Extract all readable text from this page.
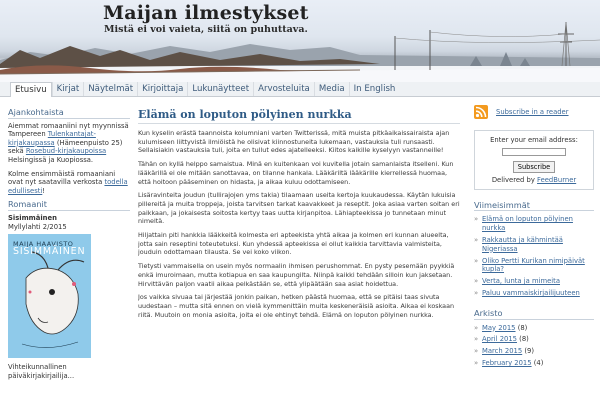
Maijan ilmestykset
Mistä ei voi vaieta, siitä on puhuttava.
Etusivu	Kirjat	Näytelmät	Kirjoittaja	Lukunäytteet	Arvosteluita	Media	In English
Ajankohtaista

Aiemmat romaaniini nyt myynnissä Tampereen Tulenkantajat-kirjakaupassa (Hämeenpuisto 25) sekä Rosebud-kirjakaupoissa Helsingissä ja Kuopiossa.

Kolme ensimmäistä romaaniani ovat nyt saatavilla verkosta todella edullisesti!

Romaanit
Sisimmäinen
Myllylahti 2/2015
MAIJA HAAVISTO
SISIMMÄINEN
Vihteikunnallinen päiväkirjakirjailija...
Elämä on loputon pölyinen nurkka

Kun kyselin erästä taannoista kolumniani varten Twitterissä, mitä muista pitkäaikaissairaista ajan kulumiseen liittyvistä ilmiöistä he olisivat kiinnostuneita lukemaan, vastauksia tuli runsaasti. Sellaisiakin vastauksia tuli, joita en tullut edes ajatelleeksi. Kiitos kaikille kyselyyn vastanneille!

Tähän on kyllä helppo samaistua. Minä en kuitenkaan voi kuvitella jotain samanlaista itselleni. Kun lääkärillä ei ole mitään sanottavaa, on tilanne hankala. Lääkäriltä lääkärille kierrellessä huomaa, että hoitoon pääseminen on hidasta, ja aikaa kuluu odottamiseen.

Lisäravinteita joudun (tullirajojen yms takia) tilaamaan useita kertoja kuukaudessa. Käytän lukuisia pillereitä ja muita troppeja, joista tarvitsen tarkat kaavakkeet ja reseptit. Joka asiaa varten soitan eri paikkaan, ja jokaisesta soitosta kertyy taas uutta kirjanpitoa. Lähiapteekissa jo tunnetaan minut nimeltä.

Hiljattain piti hankkia lääkkeitä kolmesta eri apteekista yhtä aikaa ja kolmen eri kunnan alueelta, jotta sain reseptini toteutetuksi. Kun yhdessä apteekissa ei ollut kaikkia tarvittavia valmisteita, jouduin odottamaan tilausta. Se vei koko viikon.

Tietysti vammaisella on usein myös normaalin ihmisen perushommat. En pysty pesemään pyykkiä enkä imuroimaan, mutta kotiapua en saa kaupungilta. Niinpä kaikki tehdään silloin kun jaksetaan. Hirvittävän paljon vaatii aikaa pelkästään se, että ylipäätään saa asiat hoidettua.

Jos vaikka sivuaa tai järjestää jonkin paikan, hetken päästä huomaa, että se pitäisi taas sivuta uudestaan – mutta sitä ennen on vielä kymmenittäin muita keskeneräisiä asioita. Aikaa ei koskaan riitä. Muutoin on monia asioita, joita ei ole ehtinyt tehdä. Elämä on loputon pölyinen nurkka.

Subscribe in a reader
Enter your email address:
Subscribe
Delivered by FeedBurner
Viimeisimmät
» Elämä on loputon pölyinen nurkka
» Rakkautta ja kähmintää Nigeriassa
» Oliko Pertti Kurikan nimipäivät kupla?
» Verta, lunta ja mimeita
» Paluu vammaiskirjailijuuteen
Arkisto
» May 2015 (8)
» April 2015 (8)
» March 2015 (9)
» February 2015 (4)
